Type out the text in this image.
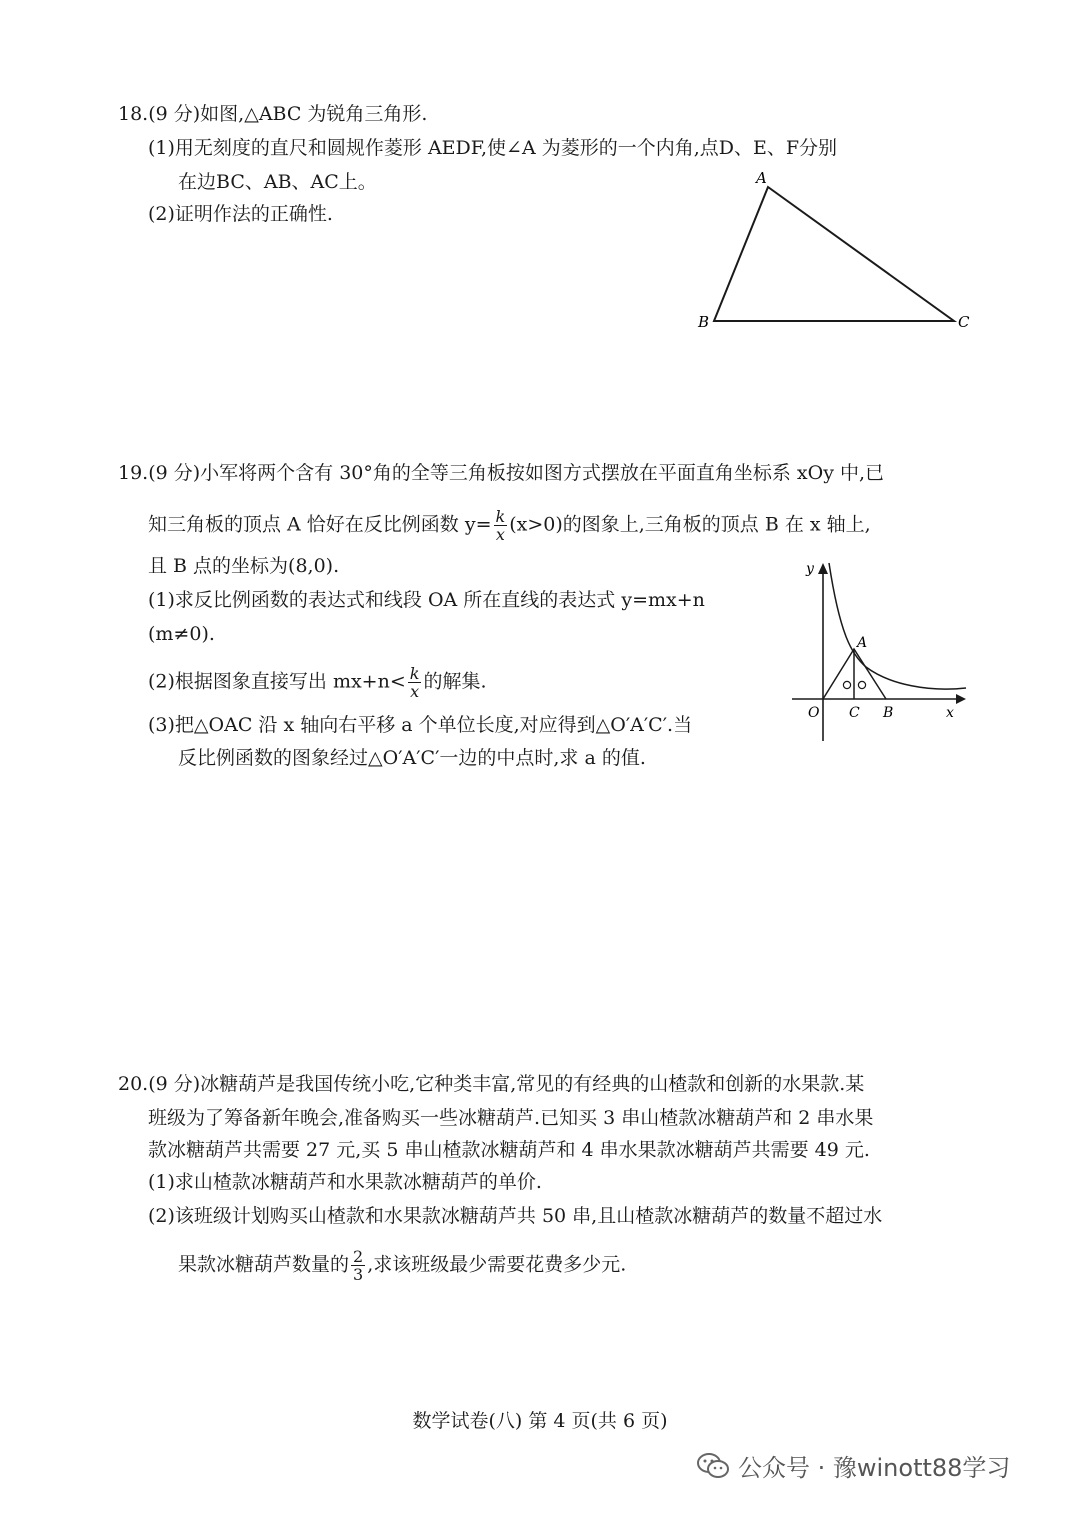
18.(9 分)如图,△ABC 为锐角三角形.
(1)用无刻度的直尺和圆规作菱形 AEDF,使∠A 为菱形的一个内角,点D、E、F分别
在边BC、AB、AC上。
(2)证明作法的正确性.
A
B	C
19.(9 分)小军将两个含有 30°角的全等三角板按如图方式摆放在平面直角坐标系 xOy 中,已
知三角板的顶点 A 恰好在反比例函数 $y= \frac{k}{x} (x>0)$的图象上,三角板的顶点 B 在 x 轴上,
且 B 点的坐标为(8,0).
(1)求反比例函数的表达式和线段 OA 所在直线的表达式 y=mx+n
(m≠0).
(2)根据图象直接写出 $mx+n< \frac{k}{x}$ 的解集.
(3)把△OAC 沿 x 轴向右平移 a 个单位长度,对应得到△O′A′C′.当
反比例函数的图象经过△O′A′C′一边的中点时,求 a 的值.
y
x
O
A
C B
20.(9 分)冰糖葫芦是我国传统小吃,它种类丰富,常见的有经典的山楂款和创新的水果款.某
班级为了筹备新年晚会,准备购买一些冰糖葫芦.已知买 3 串山楂款冰糖葫芦和 2 串水果
款冰糖葫芦共需要 27 元,买 5 串山楂款冰糖葫芦和 4 串水果款冰糖葫芦共需要 49 元.
(1)求山楂款冰糖葫芦和水果款冰糖葫芦的单价.
(2)该班级计划购买山楂款和水果款冰糖葫芦共 50 串,且山楂款冰糖葫芦的数量不超过水
果款冰糖葫芦数量的 $\frac{2}{3}$ ,求该班级最少需要花费多少元.
数学试卷(八) 第 4 页(共 6 页)
公众号 · 豫winott88学习
